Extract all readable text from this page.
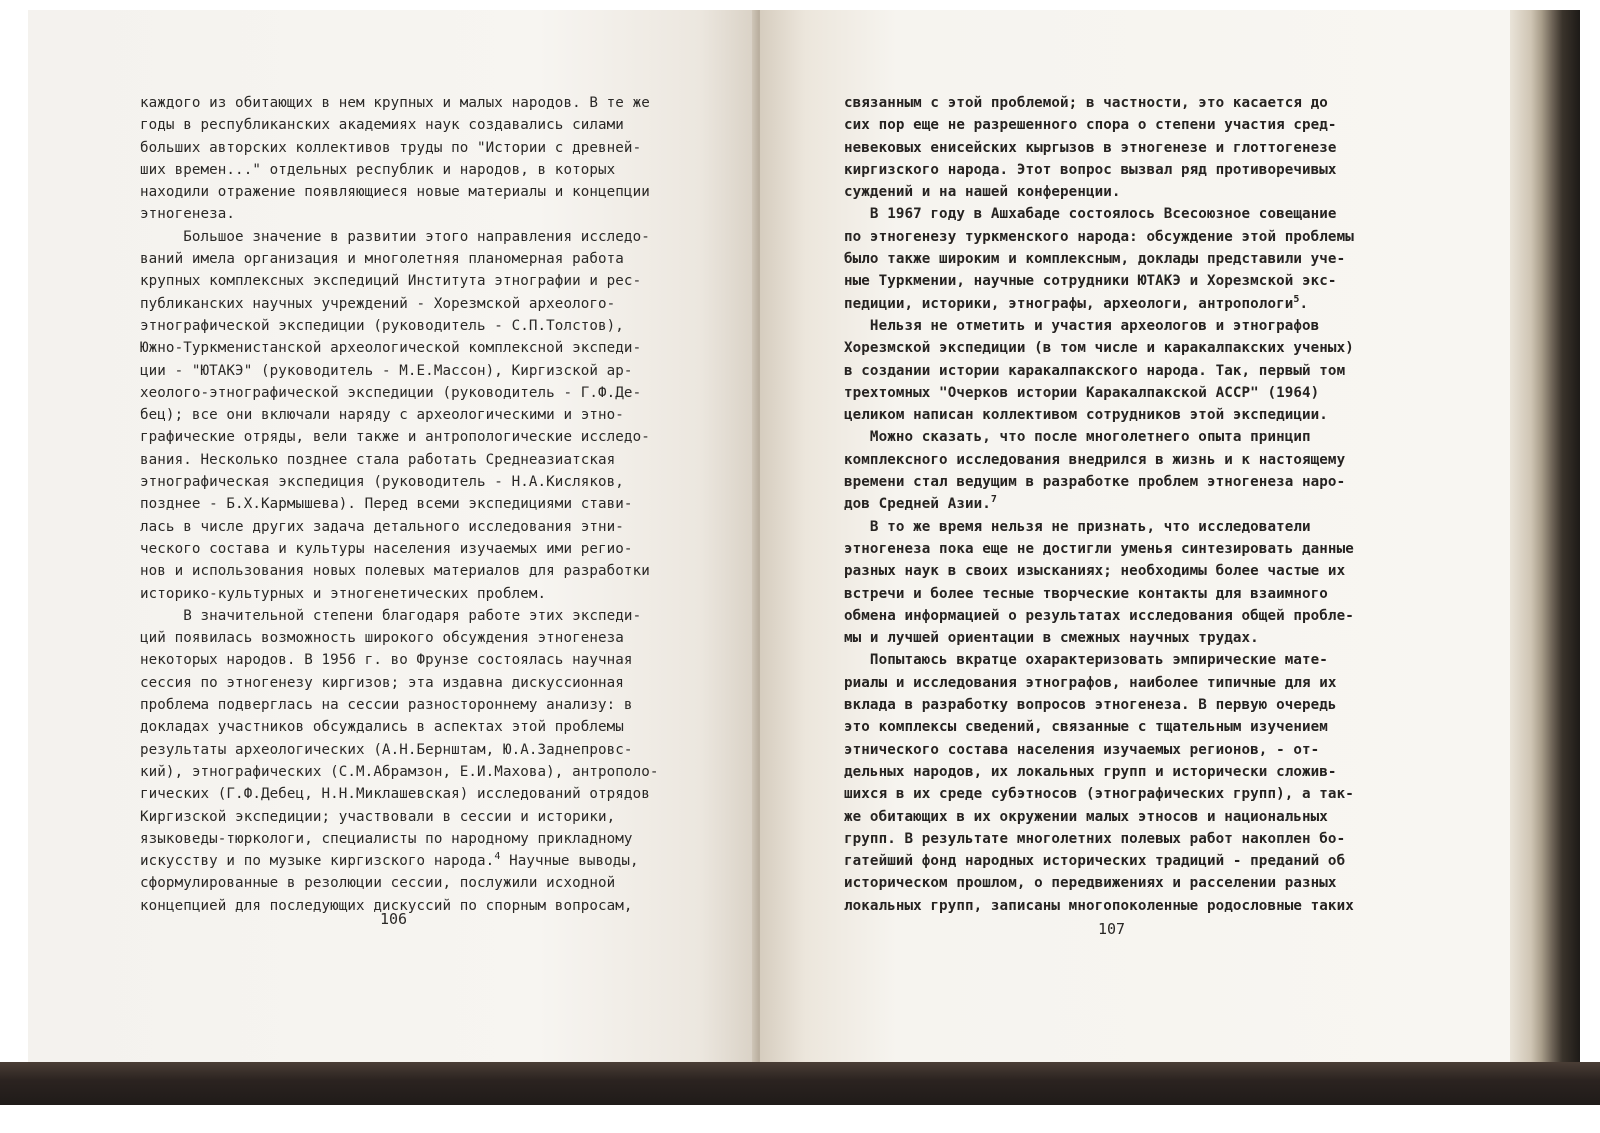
каждого из обитающих в нем крупных и малых народов. В те же
годы в республиканских академиях наук создавались силами
больших авторских коллективов труды по "Истории с древней-
ших времен..." отдельных республик и народов, в которых
находили отражение появляющиеся новые материалы и концепции
этногенеза.
Большое значение в развитии этого направления исследо-
ваний имела организация и многолетняя планомерная работа
крупных комплексных экспедиций Института этнографии и рес-
публиканских научных учреждений - Хорезмской археолого-
этнографической экспедиции (руководитель - С.П.Толстов),
Южно-Туркменистанской археологической комплексной экспеди-
ции - "ЮТАКЭ" (руководитель - М.Е.Массон), Киргизской ар-
хеолого-этнографической экспедиции (руководитель - Г.Ф.Де-
бец); все они включали наряду с археологическими и этно-
графические отряды, вели также и антропологические исследо-
вания. Несколько позднее стала работать Среднеазиатская
этнографическая экспедиция (руководитель - Н.А.Кисляков,
позднее - Б.Х.Кармышева). Перед всеми экспедициями стави-
лась в числе других задача детального исследования этни-
ческого состава и культуры населения изучаемых ими регио-
нов и использования новых полевых материалов для разработки
историко-культурных и этногенетических проблем.
В значительной степени благодаря работе этих экспеди-
ций появилась возможность широкого обсуждения этногенеза
некоторых народов. В 1956 г. во Фрунзе состоялась научная
сессия по этногенезу киргизов; эта издавна дискуссионная
проблема подверглась на сессии разностороннему анализу: в
докладах участников обсуждались в аспектах этой проблемы
результаты археологических (А.Н.Бернштам, Ю.А.Заднепровс-
кий), этнографических (С.М.Абрамзон, Е.И.Махова), антрополо-
гических (Г.Ф.Дебец, Н.Н.Миклашевская) исследований отрядов
Киргизской экспедиции; участвовали в сессии и историки,
языковеды-тюркологи, специалисты по народному прикладному
искусству и по музыке киргизского народа.$^4$ Научные выводы,
сформулированные в резолюции сессии, послужили исходной
концепцией для последующих дискуссий по спорным вопросам,
106
связанным с этой проблемой; в частности, это касается до
сих пор еще не разрешенного спора о степени участия сред-
невековых енисейских кыргызов в этногенезе и глоттогенезе
киргизского народа. Этот вопрос вызвал ряд противоречивых
суждений и на нашей конференции.
В 1967 году в Ашхабаде состоялось Всесоюзное совещание
по этногенезу туркменского народа: обсуждение этой проблемы
было также широким и комплексным, доклады представили уче-
ные Туркмении, научные сотрудники ЮТАКЭ и Хорезмской экс-
педиции, историки, этнографы, археологи, антропологи$^5$.
Нельзя не отметить и участия археологов и этнографов
Хорезмской экспедиции (в том числе и каракалпакских ученых)
в создании истории каракалпакского народа. Так, первый том
трехтомных "Очерков истории Каракалпакской АССР" (1964)
целиком написан коллективом сотрудников этой экспедиции.
Можно сказать, что после многолетнего опыта принцип
комплексного исследования внедрился в жизнь и к настоящему
времени стал ведущим в разработке проблем этногенеза наро-
дов Средней Азии.$^7$
В то же время нельзя не признать, что исследователи
этногенеза пока еще не достигли уменья синтезировать данные
разных наук в своих изысканиях; необходимы более частые их
встречи и более тесные творческие контакты для взаимного
обмена информацией о результатах исследования общей пробле-
мы и лучшей ориентации в смежных научных трудах.
Попытаюсь вкратце охарактеризовать эмпирические мате-
риалы и исследования этнографов, наиболее типичные для их
вклада в разработку вопросов этногенеза. В первую очередь
это комплексы сведений, связанные с тщательным изучением
этнического состава населения изучаемых регионов, - от-
дельных народов, их локальных групп и исторически сложив-
шихся в их среде субэтносов (этнографических групп), а так-
же обитающих в их окружении малых этносов и национальных
групп. В результате многолетних полевых работ накоплен бо-
гатейший фонд народных исторических традиций - преданий об
историческом прошлом, о передвижениях и расселении разных
локальных групп, записаны многопоколенные родословные таких
107
